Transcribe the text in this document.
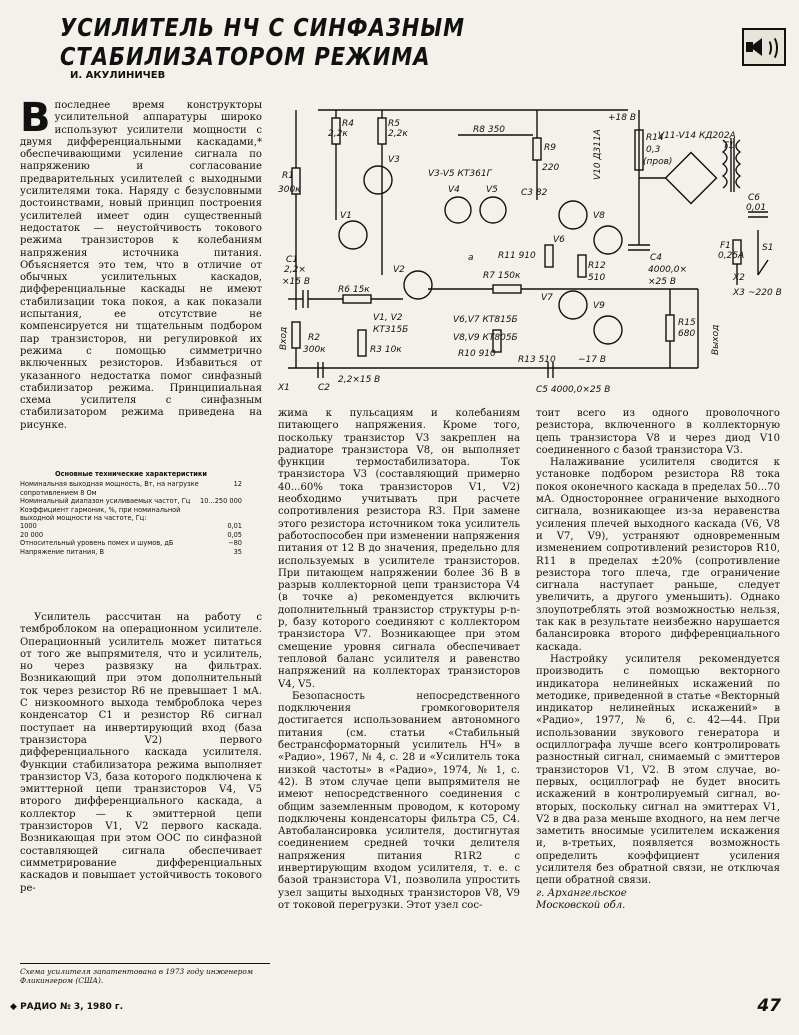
УСИЛИТЕЛЬ НЧ С СИНФАЗНЫМ СТАБИЛИЗАТОРОМ РЕЖИМА
И. АКУЛИНИЧЕВ
R4
2,2к
R5
2,2к	R8 350
R9
220
+18 В
V10 Д311А	R14
0,3
(пров)
V11-V14 КД202А
T1
C6
0,01
R1
300к
V3
V3-V5 КТ361Г
V4	V5	C3 82
V8
V1
V6
R11 910	C4
4000,0×
×25 В
F1
0,25А
S1
X2
X3 ~220 В
C1
2,2×
×15 В
V2
a
R7 150к
R12
510
R6 15к
V7
V9
V1, V2
КТ315Б
V6,V7 КТ815Б
V8,V9 КТ805Б
R15
680
R2
300к	R3 10к	R10 910
R13 510 −17 В
Вход	Выход
X1	C2
2,2×15 В
C5 4000,0×25 В

Впоследнее время конструкторы усилительной аппаратуры широко используют усилители мощности с двумя дифференциальными каскадами,* обеспечивающими усиление сигнала по напряжению и согласование предварительных усилителей с выходными усилителями тока. Наряду с безусловными достоинствами, новый принцип построения усилителей имеет один существенный недостаток — неустойчивость токового режима транзисторов к колебаниям напряжения источника питания. Объясняется это тем, что в отличие от обычных усилительных каскадов, дифференциальные каскады не имеют стабилизации тока покоя, а как показали испытания, ее отсутствие не компенсируется ни тщательным подбором пар транзисторов, ни регулировкой их режима с помощью симметрично включенных резисторов. Избавиться от указанного недостатка помог синфазный стабилизатор режима. Принципиальная схема усилителя с синфазным стабилизатором режима приведена на рисунке.

Основные технические характеристики
Номинальная выходная мощность, Вт, на нагрузке сопротивлением 8 Ом
12
Номинальный диапазон усиливаемых частот, Гц 10...250 000
Коэффициент гармоник, %, при номинальной выходной мощности на частоте, Гц:
1000	0,01
20 000	0,05
Относительный уровень помех и шумов, дБ	−80
Напряжение питания, В	35

Усилитель рассчитан на работу с темброблоком на операционном усилителе. Операционный усилитель может питаться от того же выпрямителя, что и усилитель, но через развязку на фильтрах. Возникающий при этом дополнительный ток через резистор R6 не превышает 1 мА. С низкоомного выхода темброблока через конденсатор C1 и резистор R6 сигнал поступает на инвертирующий вход (база транзистора V2) первого дифференциального каскада усилителя. Функции стабилизатора режима выполняет транзистор V3, база которого подключена к эмиттерной цепи транзисторов V4, V5 второго дифференциального каскада, а коллектор — к эмиттерной цепи транзисторов V1, V2 первого каскада. Возникающая при этом ООС по синфазной составляющей сигнала обеспечивает симметрирование дифференциальных каскадов и повышает устойчивость токового ре-

Схема усилителя запатентована в 1973 году инженером Фликингером (США).

жима к пульсациям и колебаниям питающего напряжения. Кроме того, поскольку транзистор V3 закреплен на радиаторе транзистора V8, он выполняет функции термостабилизатора. Ток транзистора V3 (составляющий примерно 40...60% тока транзисторов V1, V2) необходимо учитывать при расчете сопротивления резистора R3. При замене этого резистора источником тока усилитель работоспособен при изменении напряжения питания от 12 В до значения, предельно для используемых в усилителе транзисторов. При питающем напряжении более 36 В в разрыв коллекторной цепи транзистора V4 (в точке а) рекомендуется включить дополнительный транзистор структуры p-n-p, базу которого соединяют с коллектором транзистора V7. Возникающее при этом смещение уровня сигнала обеспечивает тепловой баланс усилителя и равенство напряжений на коллекторах транзисторов V4, V5.

Безопасность непосредственного подключения громкоговорителя достигается использованием автономного питания (см. статьи «Стабильный бестрансформаторный усилитель НЧ» в «Радио», 1967, № 4, с. 28 и «Усилитель тока низкой частоты» в «Радио», 1974, № 1, с. 42). В этом случае цепи выпрямителя не имеют непосредственного соединения с общим заземленным проводом, к которому подключены конденсаторы фильтра C5, C4. Автобалансировка усилителя, достигнутая соединением средней точки делителя напряжения питания R1R2 с инвертирующим входом усилителя, т. е. с базой транзистора V1, позволила упростить узел защиты выходных транзисторов V8, V9 от токовой перегрузки. Этот узел сос-

тоит всего из одного проволочного резистора, включенного в коллекторную цепь транзистора V8 и через диод V10 соединенного с базой транзистора V3.

Налаживание усилителя сводится к установке подбором резистора R8 тока покоя оконечного каскада в пределах 50...70 мА. Одностороннее ограничение выходного сигнала, возникающее из-за неравенства усиления плечей выходного каскада (V6, V8 и V7, V9), устраняют одновременным изменением сопротивлений резисторов R10, R11 в пределах ±20% (сопротивление резистора того плеча, где ограничение сигнала наступает раньше, следует увеличить, а другого уменьшить). Однако злоупотреблять этой возможностью нельзя, так как в результате неизбежно нарушается балансировка второго дифференциального каскада.

Настройку усилителя рекомендуется производить с помощью векторного индикатора нелинейных искажений по методике, приведенной в статье «Векторный индикатор нелинейных искажений» в «Радио», 1977, № 6, с. 42—44. При использовании звукового генератора и осциллографа лучше всего контролировать разностный сигнал, снимаемый с эмиттеров транзисторов V1, V2. В этом случае, во-первых, осциллограф не будет вносить искажений в контролируемый сигнал, во-вторых, поскольку сигнал на эмиттерах V1, V2 в два раза меньше входного, на нем легче заметить вносимые усилителем искажения и, в-третьих, появляется возможность определить коэффициент усиления усилителя без обратной связи, не отключая цепи обратной связи.

г. Архангельское

Московской обл.

◆ РАДИО № 3, 1980 г.	47
